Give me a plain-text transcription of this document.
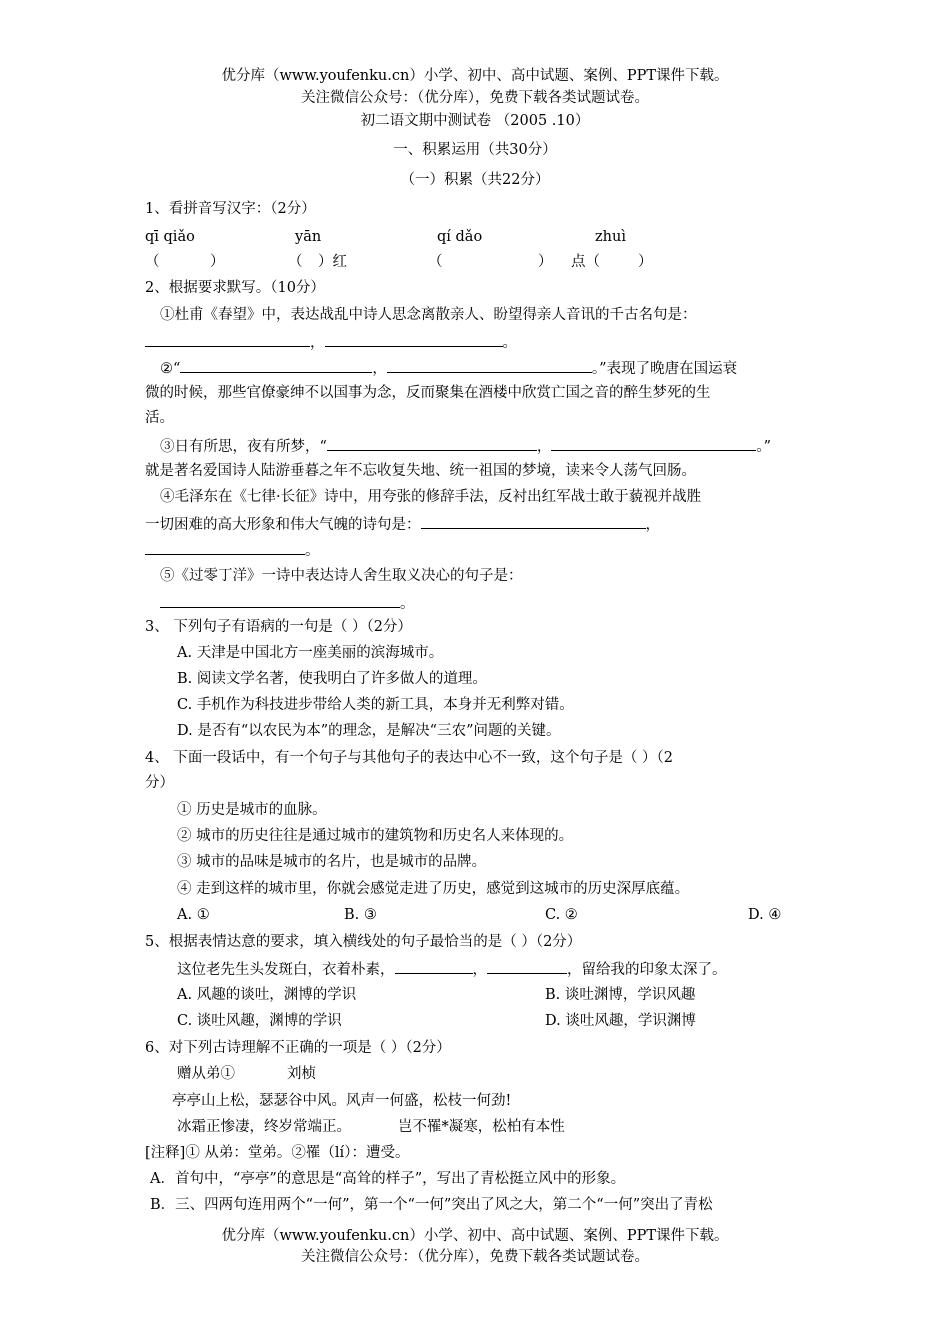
优分库（www.youfenku.cn）小学、初中、高中试题、案例、PPT课件下载。
关注微信公众号：（优分库），免费下载各类试题试卷。
初二语文期中测试卷 （2005 .10）
一、积累运用（共30分）
（一）积累（共22分）
1、看拼音写汉字：（2分）
qī qiǎo	yān	qí dǎo	zhuì
（	）	（ ）红	（	） 点（	）
2、根据要求默写。（10分）
①杜甫《春望》中，表达战乱中诗人思念离散亲人、盼望得亲人音讯的千古名句是：
，	。
②“	，	。”表现了晚唐在国运衰
微的时候，那些官僚豪绅不以国事为念，反而聚集在酒楼中欣赏亡国之音的醉生梦死的生
活。
③日有所思，夜有所梦，“	，	。”
就是著名爱国诗人陆游垂暮之年不忘收复失地、统一祖国的梦境，读来令人荡气回肠。
④毛泽东在《七律·长征》诗中，用夸张的修辞手法，反衬出红军战士敢于藐视并战胜
一切困难的高大形象和伟大气魄的诗句是：	，
。
⑤《过零丁洋》一诗中表达诗人舍生取义决心的句子是：
。
3、 下列句子有语病的一句是（ ）（2分）
A. 天津是中国北方一座美丽的滨海城市。
B. 阅读文学名著，使我明白了许多做人的道理。
C. 手机作为科技进步带给人类的新工具，本身并无利弊对错。
D. 是否有“以农民为本”的理念，是解决“三农”问题的关键。
4、 下面一段话中，有一个句子与其他句子的表达中心不一致，这个句子是（ ）（2
分）
① 历史是城市的血脉。
② 城市的历史往往是通过城市的建筑物和历史名人来体现的。
③ 城市的品味是城市的名片，也是城市的品牌。
④ 走到这样的城市里，你就会感觉走进了历史，感觉到这城市的历史深厚底蕴。
A. ①	B. ③	C. ②	D. ④
5、根据表情达意的要求，填入横线处的句子最恰当的是（ ）（2分）
这位老先生头发斑白，衣着朴素，	，	，留给我的印象太深了。
A. 风趣的谈吐，渊博的学识	B. 谈吐渊博，学识风趣
C. 谈吐风趣，渊博的学识	D. 谈吐风趣，学识渊博
6、对下列古诗理解不正确的一项是（ ）（2分）
赠从弟①	刘桢
亭亭山上松，瑟瑟谷中风。风声一何盛，松枝一何劲!
冰霜正惨凄，终岁常端正。	岂不罹*凝寒，松柏有本性
[注释]① 从弟：堂弟。②罹（lí）：遭受。
A．首句中，“亭亭”的意思是“高耸的样子”，写出了青松挺立风中的形象。
B．三、四两句连用两个“一何”，第一个“一何”突出了风之大，第二个“一何”突出了青松
优分库（www.youfenku.cn）小学、初中、高中试题、案例、PPT课件下载。
关注微信公众号：（优分库），免费下载各类试题试卷。
